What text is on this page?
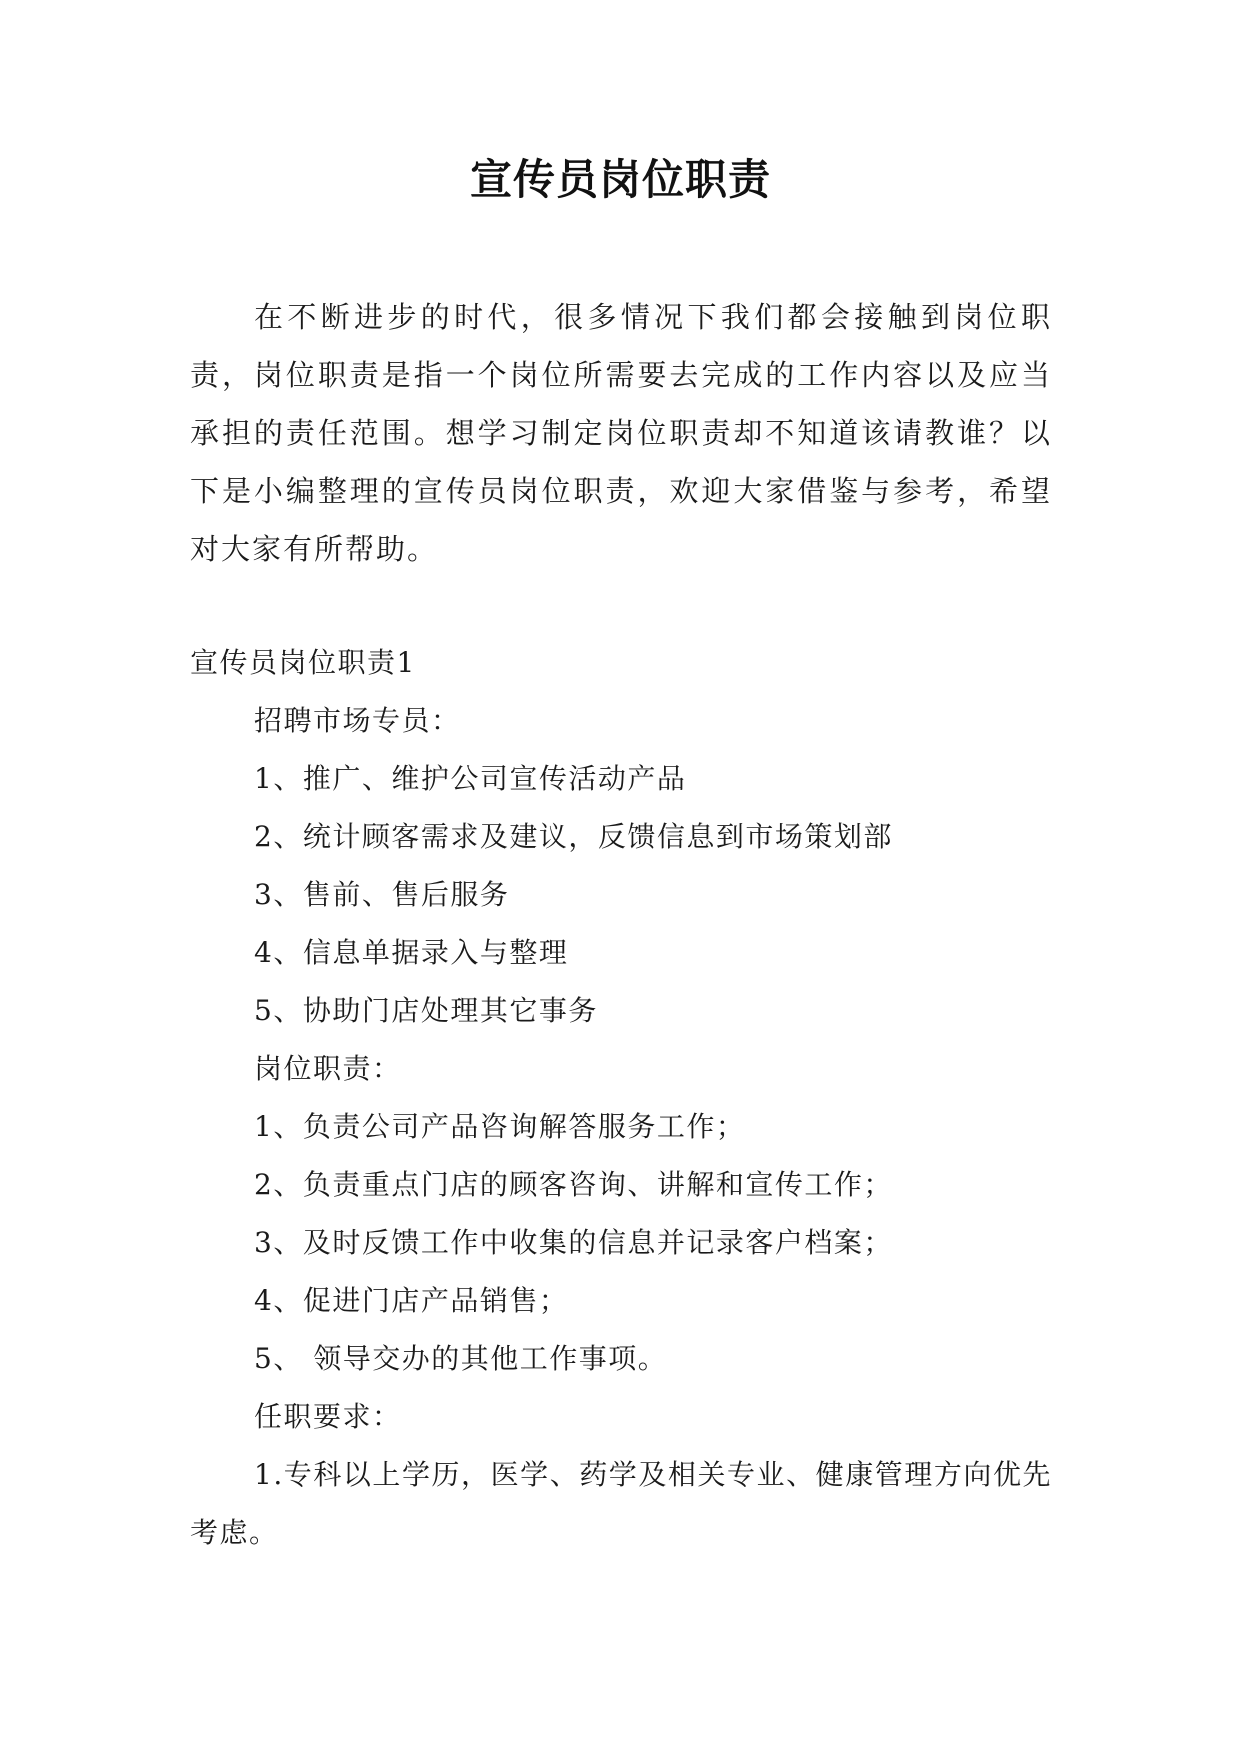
宣传员岗位职责

在不断进步的时代，很多情况下我们都会接触到岗位职责，岗位职责是指一个岗位所需要去完成的工作内容以及应当承担的责任范围。想学习制定岗位职责却不知道该请教谁？以下是小编整理的宣传员岗位职责，欢迎大家借鉴与参考，希望对大家有所帮助。

宣传员岗位职责1

招聘市场专员：

1、推广、维护公司宣传活动产品

2、统计顾客需求及建议，反馈信息到市场策划部

3、售前、售后服务

4、信息单据录入与整理

5、协助门店处理其它事务

岗位职责：

1、负责公司产品咨询解答服务工作；

2、负责重点门店的顾客咨询、讲解和宣传工作；

3、及时反馈工作中收集的信息并记录客户档案；

4、促进门店产品销售；

5、 领导交办的其他工作事项。

任职要求：

1.专科以上学历，医学、药学及相关专业、健康管理方向优先考虑。
